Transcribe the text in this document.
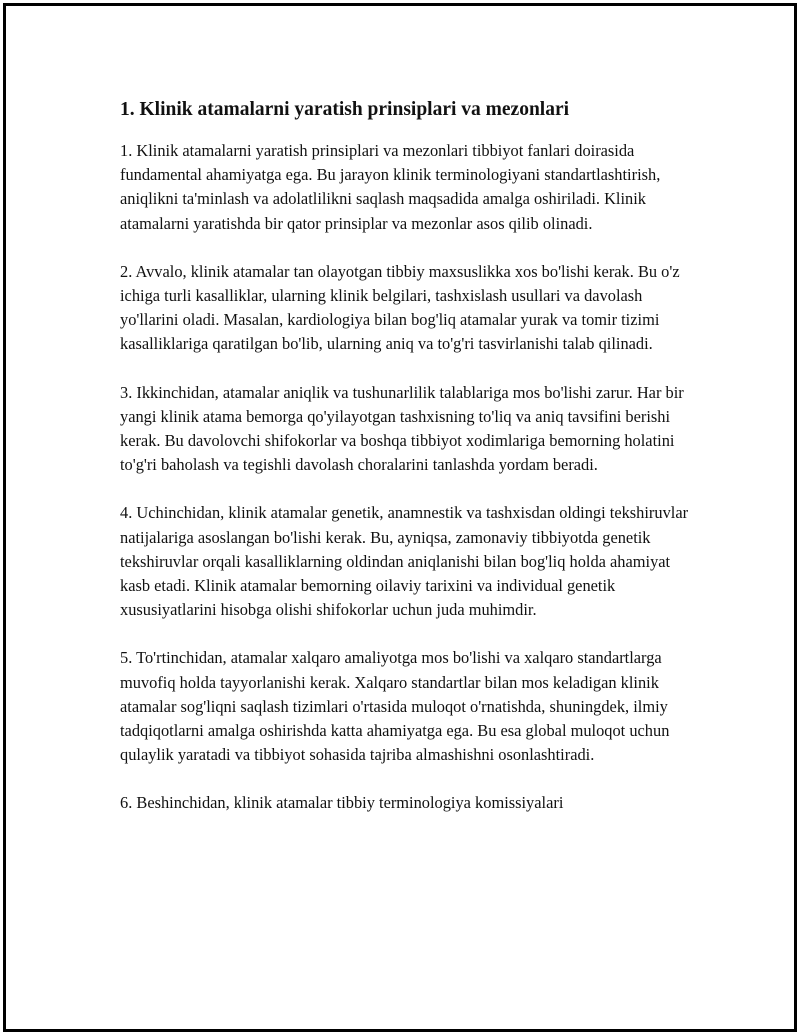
1. Klinik atamalarni yaratish prinsiplari va mezonlari

1. Klinik atamalarni yaratish prinsiplari va mezonlari tibbiyot fanlari doirasida fundamental ahamiyatga ega. Bu jarayon klinik terminologiyani standartlashtirish, aniqlikni ta'minlash va adolatlilikni saqlash maqsadida amalga oshiriladi. Klinik atamalarni yaratishda bir qator prinsiplar va mezonlar asos qilib olinadi.

2. Avvalo, klinik atamalar tan olayotgan tibbiy maxsuslikka xos bo'lishi kerak. Bu o'z ichiga turli kasalliklar, ularning klinik belgilari, tashxislash usullari va davolash yo'llarini oladi. Masalan, kardiologiya bilan bog'liq atamalar yurak va tomir tizimi kasalliklariga qaratilgan bo'lib, ularning aniq va to'g'ri tasvirlanishi talab qilinadi.

3. Ikkinchidan, atamalar aniqlik va tushunarlilik talablariga mos bo'lishi zarur. Har bir yangi klinik atama bemorga qo'yilayotgan tashxisning to'liq va aniq tavsifini berishi kerak. Bu davolovchi shifokorlar va boshqa tibbiyot xodimlariga bemorning holatini to'g'ri baholash va tegishli davolash choralarini tanlashda yordam beradi.

4. Uchinchidan, klinik atamalar genetik, anamnestik va tashxisdan oldingi tekshiruvlar natijalariga asoslangan bo'lishi kerak. Bu, ayniqsa, zamonaviy tibbiyotda genetik tekshiruvlar orqali kasalliklarning oldindan aniqlanishi bilan bog'liq holda ahamiyat kasb etadi. Klinik atamalar bemorning oilaviy tarixini va individual genetik xususiyatlarini hisobga olishi shifokorlar uchun juda muhimdir.

5. To'rtinchidan, atamalar xalqaro amaliyotga mos bo'lishi va xalqaro standartlarga muvofiq holda tayyorlanishi kerak. Xalqaro standartlar bilan mos keladigan klinik atamalar sog'liqni saqlash tizimlari o'rtasida muloqot o'rnatishda, shuningdek, ilmiy tadqiqotlarni amalga oshirishda katta ahamiyatga ega. Bu esa global muloqot uchun qulaylik yaratadi va tibbiyot sohasida tajriba almashishni osonlashtiradi.

6. Beshinchidan, klinik atamalar tibbiy terminologiya komissiyalari
